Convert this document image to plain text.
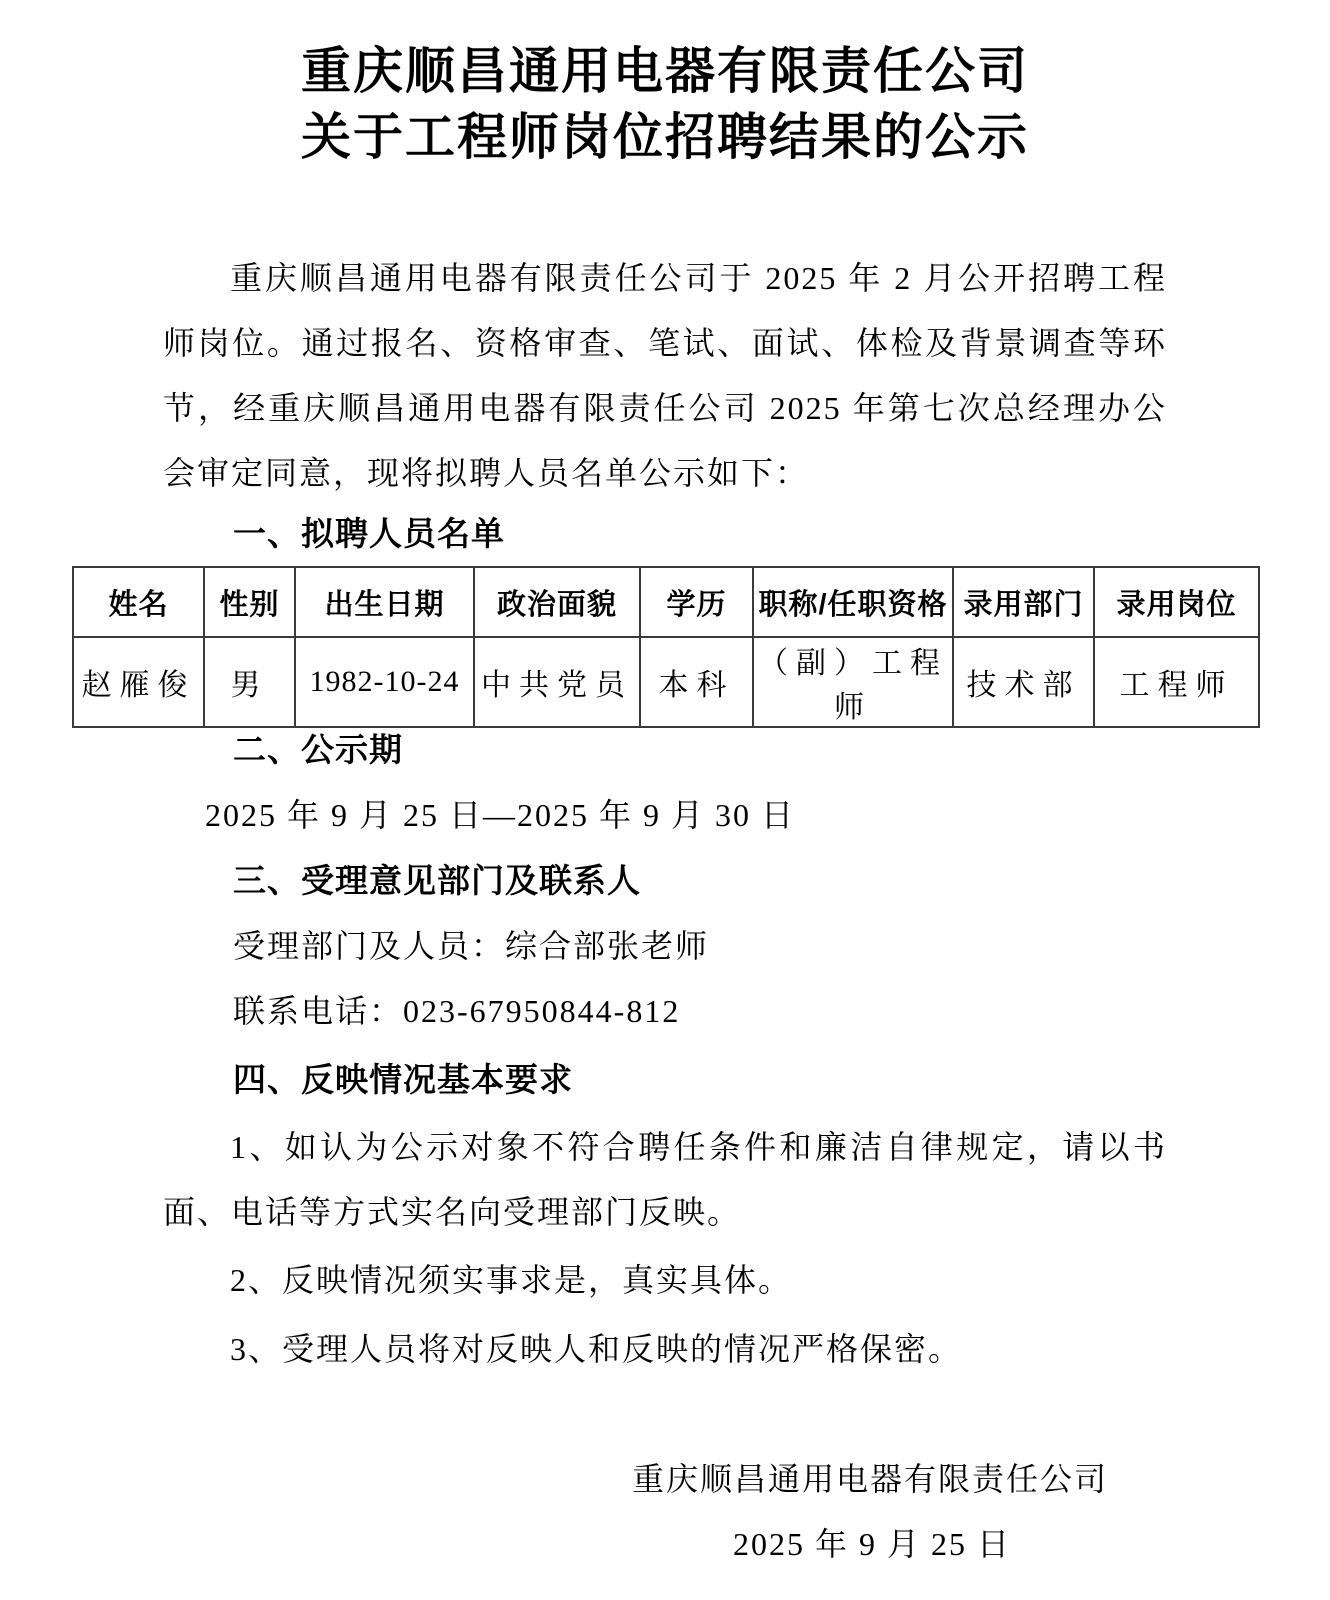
重庆顺昌通用电器有限责任公司
关于工程师岗位招聘结果的公示

重庆顺昌通用电器有限责任公司于 2025 年 2 月公开招聘工程师岗位。通过报名、资格审查、笔试、面试、体检及背景调查等环节，经重庆顺昌通用电器有限责任公司 2025 年第七次总经理办公会审定同意，现将拟聘人员名单公示如下：

一、拟聘人员名单
姓名	性别	出生日期	政治面貌	学历	职称/任职资格	录用部门	录用岗位
赵雁俊	男	1982-10-24	中共党员	本科	（副）工程师	技术部	工程师
二、公示期

2025 年 9 月 25 日—2025 年 9 月 30 日

三、受理意见部门及联系人

受理部门及人员：综合部张老师

联系电话：023-67950844-812

四、反映情况基本要求

1、如认为公示对象不符合聘任条件和廉洁自律规定，请以书面、电话等方式实名向受理部门反映。

2、反映情况须实事求是，真实具体。

3、受理人员将对反映人和反映的情况严格保密。

重庆顺昌通用电器有限责任公司

2025 年 9 月 25 日
